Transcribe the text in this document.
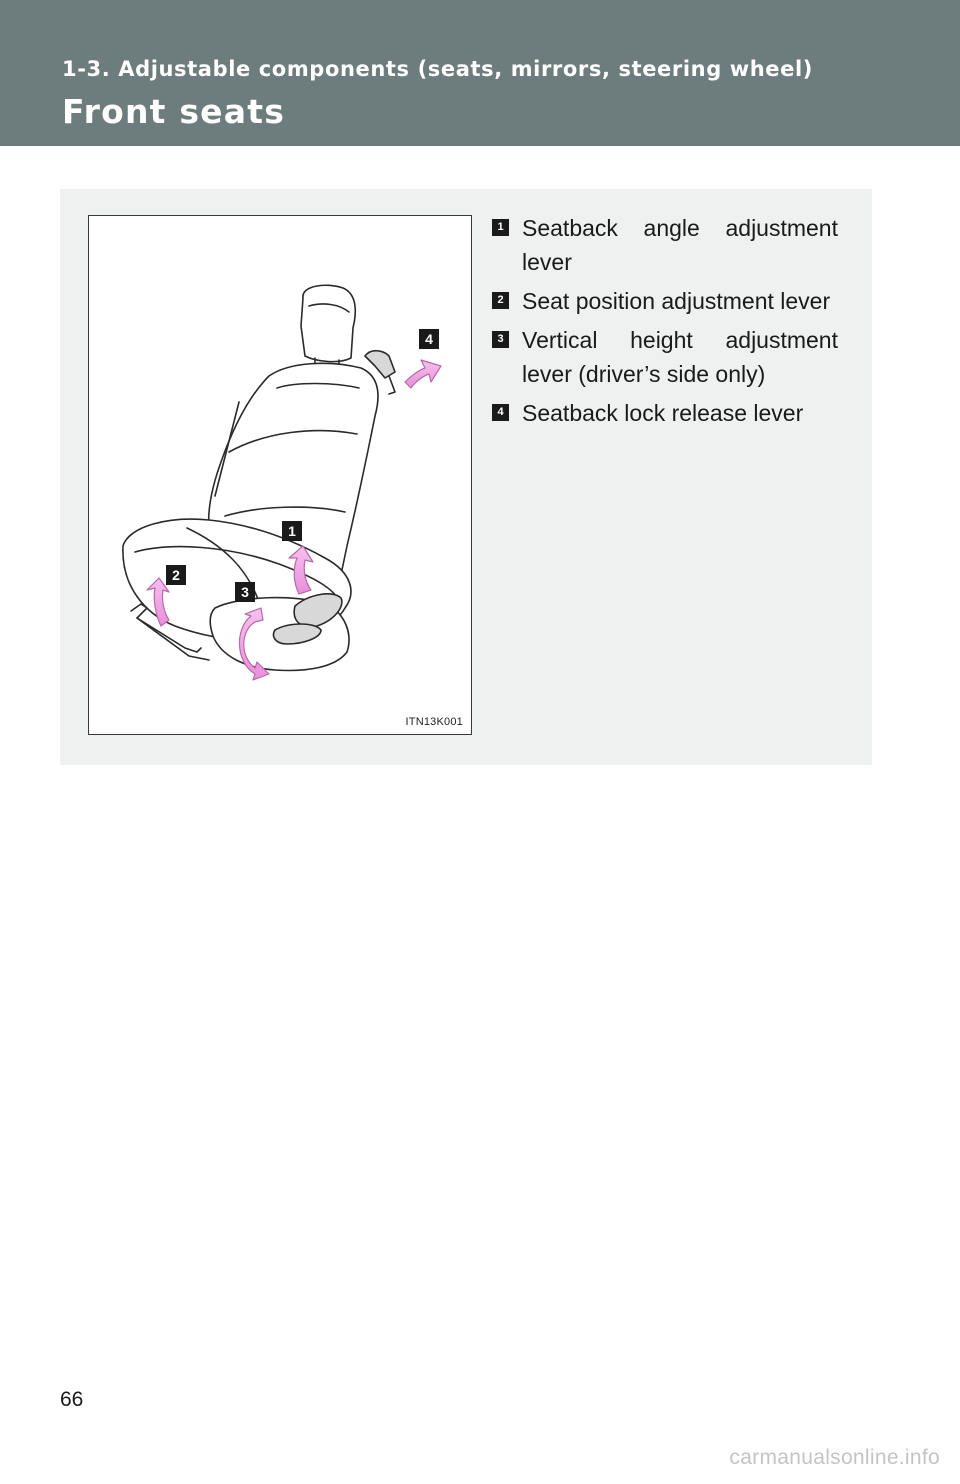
1-3. Adjustable components (seats, mirrors, steering wheel)
Front seats
1
2
3
4
ITN13K001
1 Seatback angle adjustment lever
2 Seat position adjustment lever
3 Vertical height adjustment lever (driver’s side only)
4 Seatback lock release lever
66
carmanualsonline.info
